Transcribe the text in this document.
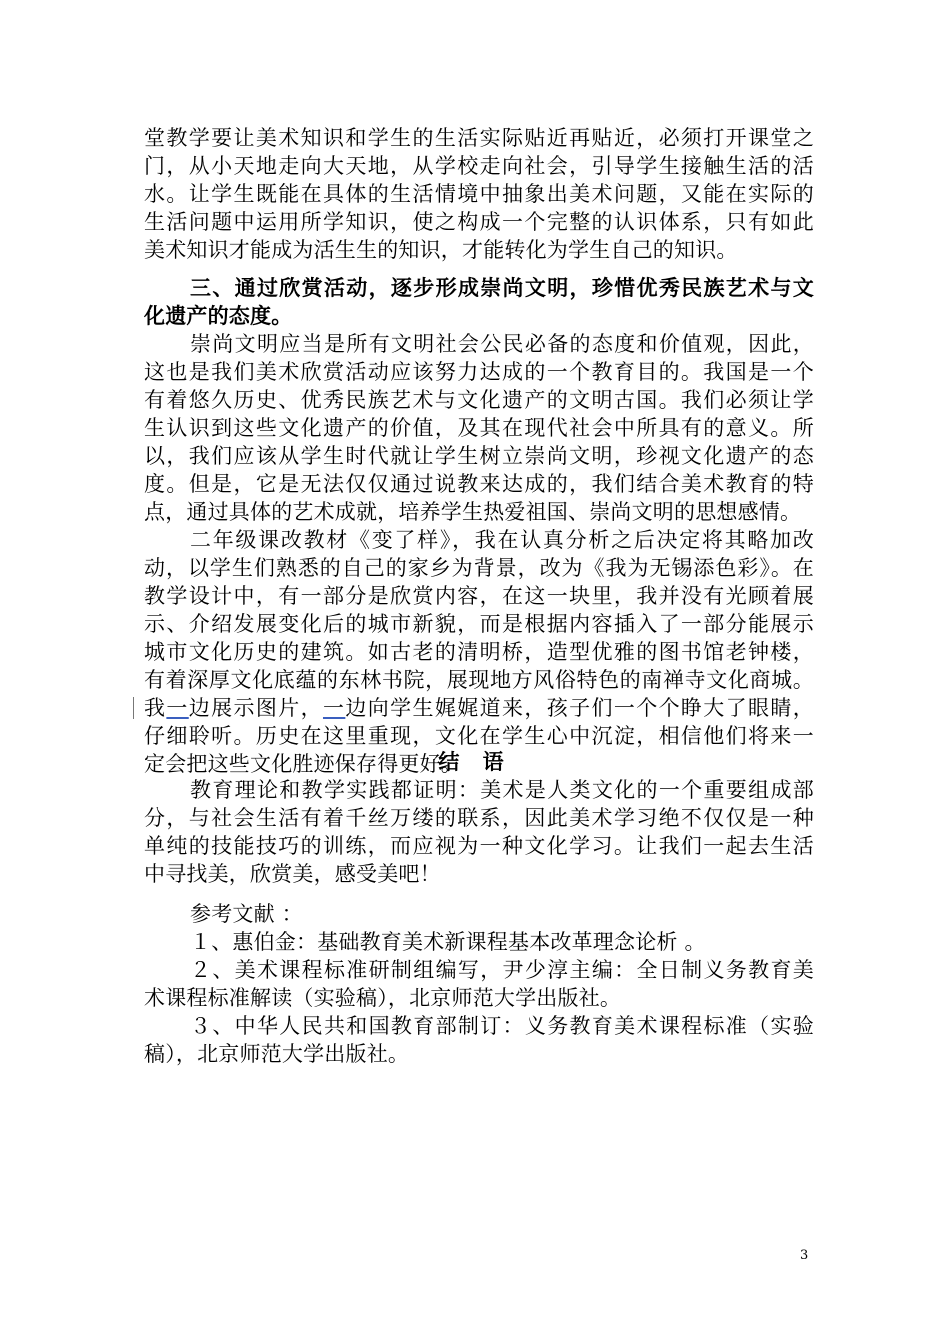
堂教学要让美术知识和学生的生活实际贴近再贴近，必须打开课堂之
门，从小天地走向大天地，从学校走向社会，引导学生接触生活的活
水。让学生既能在具体的生活情境中抽象出美术问题，又能在实际的
生活问题中运用所学知识，使之构成一个完整的认识体系，只有如此
美术知识才能成为活生生的知识，才能转化为学生自己的知识。
三、通过欣赏活动，逐步形成崇尚文明，珍惜优秀民族艺术与文
化遗产的态度。
崇尚文明应当是所有文明社会公民必备的态度和价值观，因此，
这也是我们美术欣赏活动应该努力达成的一个教育目的。我国是一个
有着悠久历史、优秀民族艺术与文化遗产的文明古国。我们必须让学
生认识到这些文化遗产的价值，及其在现代社会中所具有的意义。所
以，我们应该从学生时代就让学生树立崇尚文明，珍视文化遗产的态
度。但是，它是无法仅仅通过说教来达成的，我们结合美术教育的特
点，通过具体的艺术成就，培养学生热爱祖国、崇尚文明的思想感情。
二年级课改教材《变了样》，我在认真分析之后决定将其略加改
动，以学生们熟悉的自己的家乡为背景，改为《我为无锡添色彩》。在
教学设计中，有一部分是欣赏内容，在这一块里，我并没有光顾着展
示、介绍发展变化后的城市新貌，而是根据内容插入了一部分能展示
城市文化历史的建筑。如古老的清明桥，造型优雅的图书馆老钟楼，
结 语
教育理论和教学实践都证明：美术是人类文化的一个重要组成部
分，与社会生活有着千丝万缕的联系，因此美术学习绝不仅仅是一种
单纯的技能技巧的训练，而应视为一种文化学习。让我们一起去生活
中寻找美，欣赏美，感受美吧！
参考文献 ：
１、惠伯金：基础教育美术新课程基本改革理念论析 。
２、美术课程标准研制组编写，尹少淳主编：全日制义务教育美
术课程标准解读（实验稿），北京师范大学出版社。
３、中华人民共和国教育部制订：义务教育美术课程标准（实验
稿），北京师范大学出版社。
3
有着深厚文化底蕴的东林书院，展现地方风俗特色的南禅寺文化商城。
我一边展示图片，一边向学生娓娓道来，孩子们一个个睁大了眼睛，
仔细聆听。历史在这里重现，文化在学生心中沉淀，相信他们将来一
定会把这些文化胜迹保存得更好。
